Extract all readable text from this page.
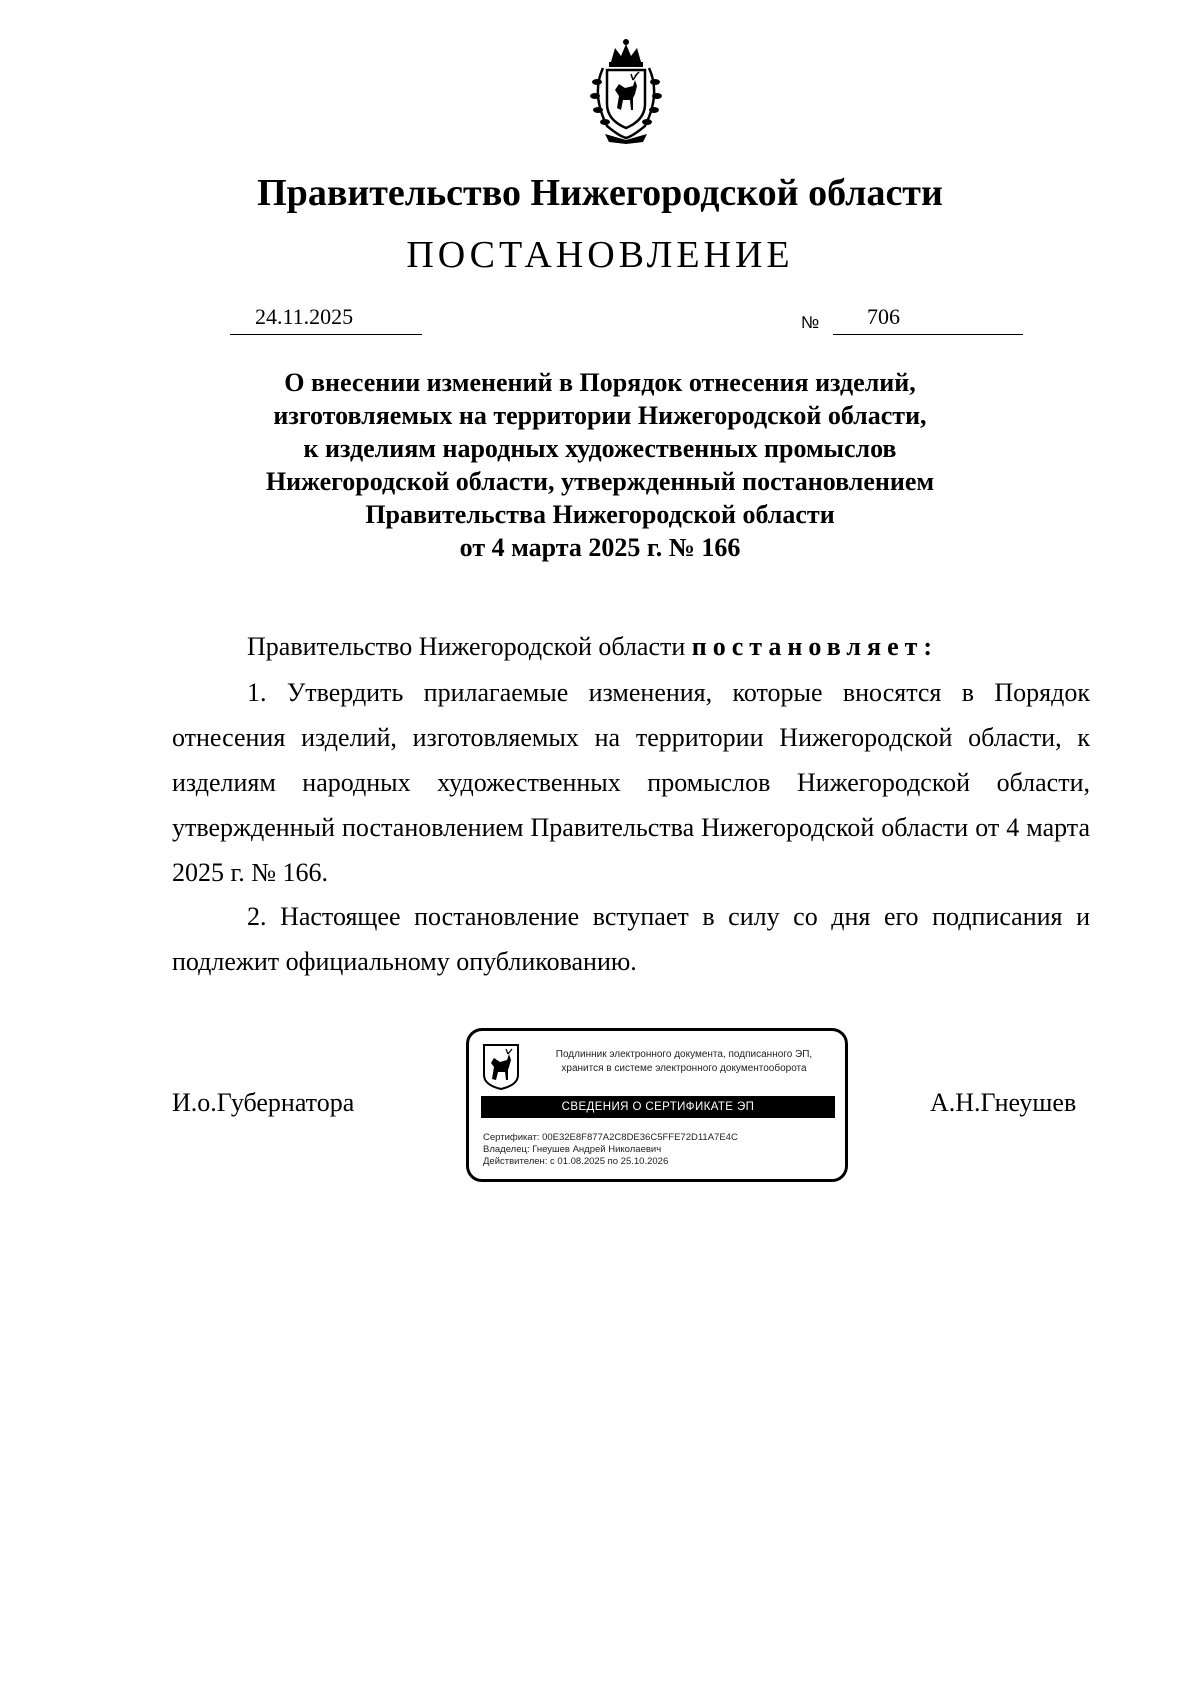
Правительство Нижегородской области
ПОСТАНОВЛЕНИЕ
24.11.2025	№ 706
О внесении изменений в Порядок отнесения изделий,
изготовляемых на территории Нижегородской области,
к изделиям народных художественных промыслов
Нижегородской области, утвержденный постановлением
Правительства Нижегородской области
от 4 марта 2025 г. № 166
Правительство Нижегородской области постановляет:
1. Утвердить прилагаемые изменения, которые вносятся в Порядок отнесения изделий, изготовляемых на территории Нижегородской области, к изделиям народных художественных промыслов Нижегородской области, утвержденный постановлением Правительства Нижегородской области от 4 марта 2025 г. № 166.
2. Настоящее постановление вступает в силу со дня его подписания и подлежит официальному опубликованию.
И.о.Губернатора	А.Н.Гнеушев
Подлинник электронного документа, подписанного ЭП,
хранится в системе электронного документооборота
СВЕДЕНИЯ О СЕРТИФИКАТЕ ЭП
Сертификат: 00E32E8F877A2C8DE36C5FFE72D11A7E4C
Владелец: Гнеушев Андрей Николаевич
Действителен: с 01.08.2025 по 25.10.2026
